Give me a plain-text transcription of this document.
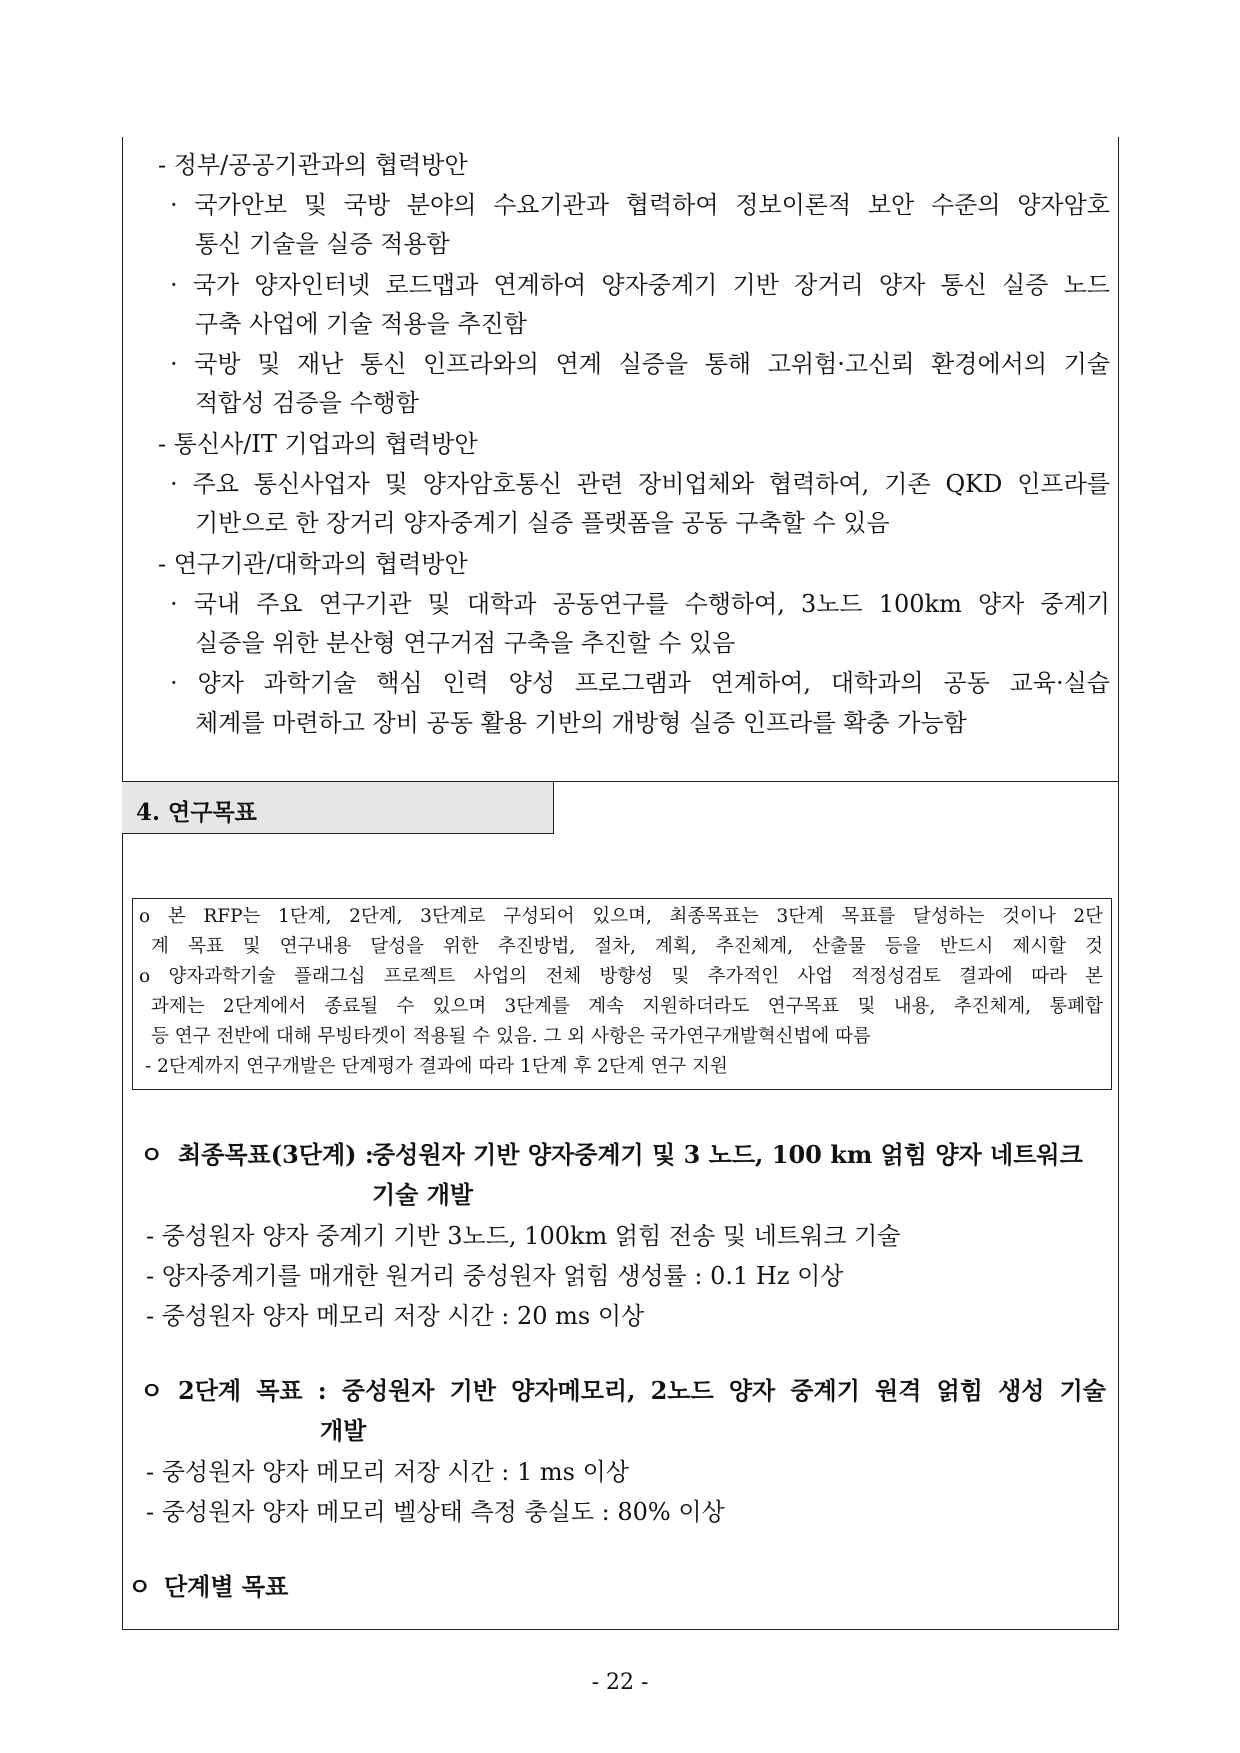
- 정부/공공기관과의 협력방안
· 국가안보 및 국방 분야의 수요기관과 협력하여 정보이론적 보안 수준의 양자암호
통신 기술을 실증 적용함
· 국가 양자인터넷 로드맵과 연계하여 양자중계기 기반 장거리 양자 통신 실증 노드
구축 사업에 기술 적용을 추진함
· 국방 및 재난 통신 인프라와의 연계 실증을 통해 고위험·고신뢰 환경에서의 기술
적합성 검증을 수행함
- 통신사/IT 기업과의 협력방안
· 주요 통신사업자 및 양자암호통신 관련 장비업체와 협력하여, 기존 QKD 인프라를
기반으로 한 장거리 양자중계기 실증 플랫폼을 공동 구축할 수 있음
- 연구기관/대학과의 협력방안
· 국내 주요 연구기관 및 대학과 공동연구를 수행하여, 3노드 100km 양자 중계기
실증을 위한 분산형 연구거점 구축을 추진할 수 있음
· 양자 과학기술 핵심 인력 양성 프로그램과 연계하여, 대학과의 공동 교육·실습
체계를 마련하고 장비 공동 활용 기반의 개방형 실증 인프라를 확충 가능함
4. 연구목표
o 본 RFP는 1단계, 2단계, 3단계로 구성되어 있으며, 최종목표는 3단계 목표를 달성하는 것이나 2단
계 목표 및 연구내용 달성을 위한 추진방법, 절차, 계획, 추진체계, 산출물 등을 반드시 제시할 것
o 양자과학기술 플래그십 프로젝트 사업의 전체 방향성 및 추가적인 사업 적정성검토 결과에 따라 본
과제는 2단계에서 종료될 수 있으며 3단계를 계속 지원하더라도 연구목표 및 내용, 추진체계, 통폐합
등 연구 전반에 대해 무빙타겟이 적용될 수 있음. 그 외 사항은 국가연구개발혁신법에 따름
- 2단계까지 연구개발은 단계평가 결과에 따라 1단계 후 2단계 연구 지원
ㅇ 최종목표(3단계) :
중성원자 기반 양자중계기 및 3 노드, 100 km 얽힘 양자 네트워크
기술 개발
- 중성원자 양자 중계기 기반 3노드, 100km 얽힘 전송 및 네트워크 기술
- 양자중계기를 매개한 원거리 중성원자 얽힘 생성률 : 0.1 Hz 이상
- 중성원자 양자 메모리 저장 시간 : 20 ms 이상
ㅇ 2단계 목표 : 중성원자 기반 양자메모리, 2노드 양자 중계기 원격 얽힘 생성 기술
개발
- 중성원자 양자 메모리 저장 시간 : 1 ms 이상
- 중성원자 양자 메모리 벨상태 측정 충실도 : 80% 이상
ㅇ 단계별 목표
- 22 -
